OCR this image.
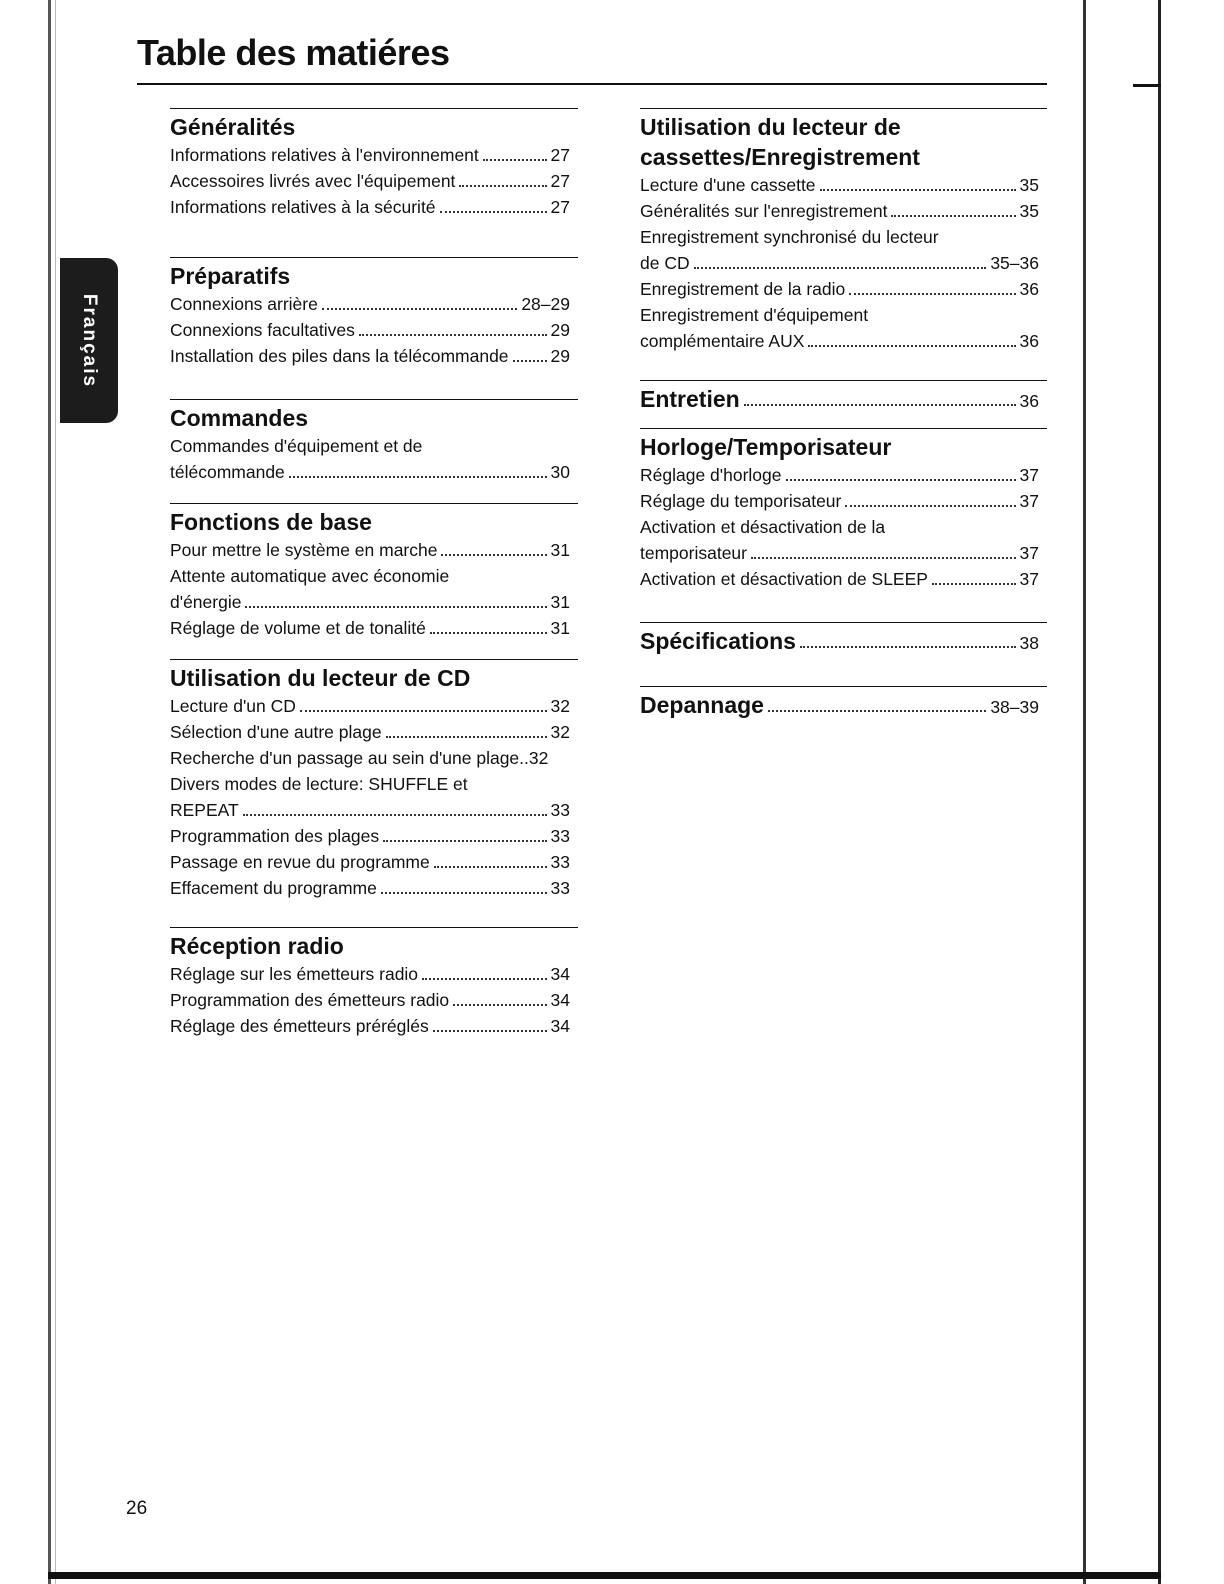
Français
Table des matiéres
Généralités
Informations relatives à l'environnement	27
Accessoires livrés avec l'équipement	27
Informations relatives à la sécurité	27
Préparatifs
Connexions arrière	28–29
Connexions facultatives	29
Installation des piles dans la télécommande 29
Commandes
Commandes d'équipement et de
télécommande	30
Fonctions de base
Pour mettre le système en marche	31
Attente automatique avec économie
d'énergie	31
Réglage de volume et de tonalité	31
Utilisation du lecteur de CD
Lecture d'un CD	32
Sélection d'une autre plage	32
Recherche d'un passage au sein d'une plage.. 32
Divers modes de lecture: SHUFFLE et
REPEAT	33
Programmation des plages	33
Passage en revue du programme	33
Effacement du programme	33
Réception radio
Réglage sur les émetteurs radio	34
Programmation des émetteurs radio	34
Réglage des émetteurs préréglés	34
Utilisation du lecteur de
cassettes/Enregistrement
Lecture d'une cassette	35
Généralités sur l'enregistrement	35
Enregistrement synchronisé du lecteur
de CD	35–36
Enregistrement de la radio	36
Enregistrement d'équipement
complémentaire AUX	36
Entretien	36
Horloge/Temporisateur
Réglage d'horloge	37
Réglage du temporisateur	37
Activation et désactivation de la
temporisateur	37
Activation et désactivation de SLEEP	37
Spécifications	38
Depannage	38–39
26
